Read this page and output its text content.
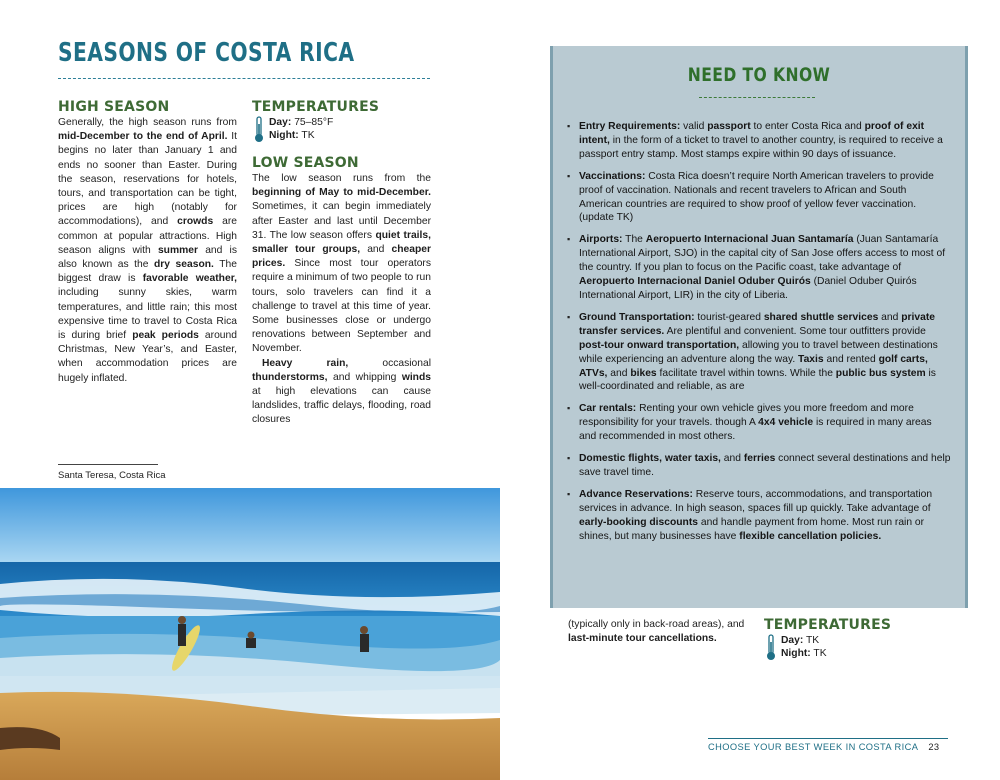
SEASONS OF COSTA RICA
HIGH SEASON

Generally, the high season runs from mid-December to the end of April. It begins no later than January 1 and ends no sooner than Easter. During the season, reservations for hotels, tours, and transportation can be tight, prices are high (notably for accommodations), and crowds are common at popular attractions. High season aligns with summer and is also known as the dry season. The biggest draw is favorable weather, including sunny skies, warm temperatures, and little rain; this most expensive time to travel to Costa Rica is during brief peak periods around Christmas, New Year’s, and Easter, when accommodation prices are hugely inflated.

TEMPERATURES
Day: 75–85°F
Night: TK
LOW SEASON

The low season runs from the beginning of May to mid-December. Sometimes, it can begin immediately after Easter and last until December 31. The low season offers quiet trails, smaller tour groups, and cheaper prices. Since most tour operators require a minimum of two people to run tours, solo travelers can find it a challenge to travel at this time of year. Some businesses close or undergo renovations between September and November.

Heavy rain, occasional thunderstorms, and whipping winds at high elevations can cause landslides, traffic delays, flooding, road closures

Santa Teresa, Costa Rica
NEED TO KNOW
▪ Entry Requirements: valid passport to enter Costa Rica and proof of exit intent, in the form of a ticket to travel to another country, is required to receive a passport entry stamp. Most stamps expire within 90 days of issuance.
▪ Vaccinations: Costa Rica doesn’t require North American travelers to provide proof of vaccination. Nationals and recent travelers to African and South American countries are required to show proof of yellow fever vaccination. (update TK)
▪ Airports: The Aeropuerto Internacional Juan Santamaría (Juan Santamaría International Airport, SJO) in the capital city of San Jose offers access to most of the country. If you plan to focus on the Pacific coast, take advantage of Aeropuerto Internacional Daniel Oduber Quirós (Daniel Oduber Quirós International Airport, LIR) in the city of Liberia.
▪ Ground Transportation: tourist-geared shared shuttle services and private transfer services. Are plentiful and convenient. Some tour outfitters provide post-tour onward transportation, allowing you to travel between destinations while experiencing an adventure along the way. Taxis and rented golf carts, ATVs, and bikes facilitate travel within towns. While the public bus system is well-coordinated and reliable, as are
▪ Car rentals: Renting your own vehicle gives you more freedom and more responsibility for your travels. though A 4x4 vehicle is required in many areas and recommended in most others.
▪ Domestic flights, water taxis, and ferries connect several destinations and help save travel time.
▪ Advance Reservations: Reserve tours, accommodations, and transportation services in advance. In high season, spaces fill up quickly. Take advantage of early-booking discounts and handle payment from home. Most run rain or shines, but many businesses have flexible cancellation policies.

(typically only in back-road areas), and last-minute tour cancellations.

TEMPERATURES
Day: TK
Night: TK
CHOOSE YOUR BEST WEEK IN COSTA RICA 23
